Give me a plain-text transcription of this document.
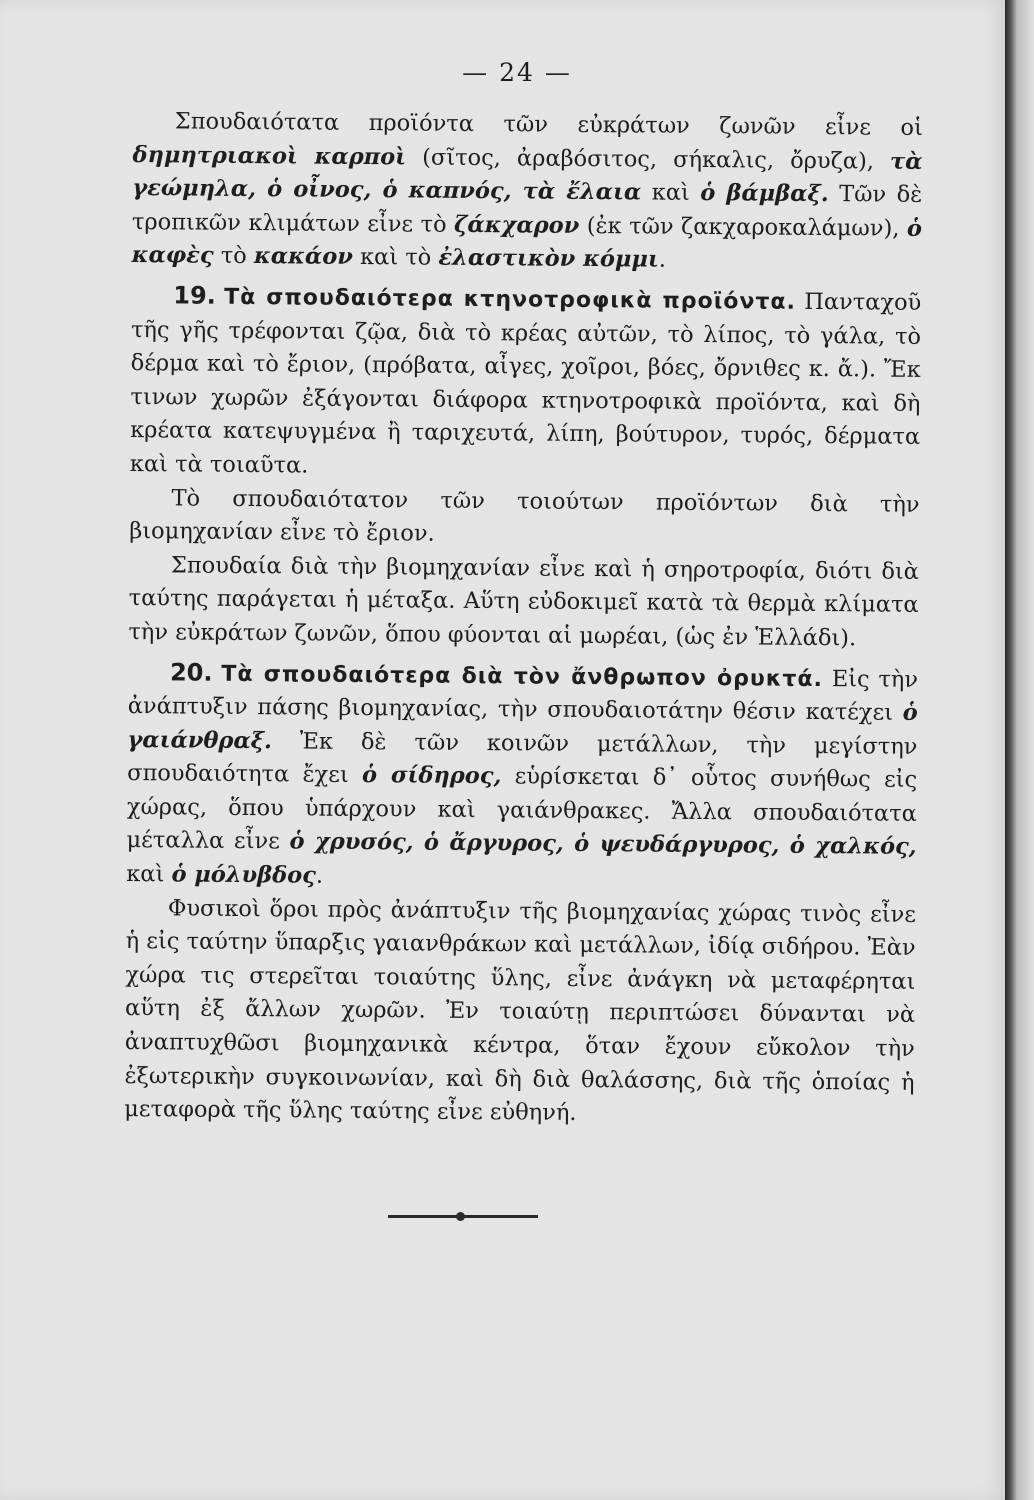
— 24 —

Σπουδαιότατα προϊόντα τῶν εὐκράτων ζωνῶν εἶνε οἱ δημητριακοὶ καρποὶ (σῖτος, ἀραβόσιτος, σήκαλις, ὄρυζα), τὰ γεώμηλα, ὁ οἶνος, ὁ καπνός, τὰ ἔλαια καὶ ὁ βάμβαξ. Τῶν δὲ τροπικῶν κλιμάτων εἶνε τὸ ζάκχαρον (ἐκ τῶν ζακχαροκαλάμων), ὁ καφὲς τὸ κακάον καὶ τὸ ἐλαστικὸν κόμμι.

19. Τὰ σπουδαιότερα κτηνοτροφικὰ προϊόντα. Πανταχοῦ τῆς γῆς τρέφονται ζῷα, διὰ τὸ κρέας αὐτῶν, τὸ λίπος, τὸ γάλα, τὸ δέρμα καὶ τὸ ἔριον, (πρόβατα, αἶγες, χοῖροι, βόες, ὄρνιθες κ. ἄ.). Ἔκ τινων χωρῶν ἐξάγονται διάφορα κτηνοτροφικὰ προϊόντα, καὶ δὴ κρέατα κατεψυγμένα ἢ ταριχευτά, λίπη, βούτυρον, τυρός, δέρματα καὶ τὰ τοιαῦτα.

Τὸ σπουδαιότατον τῶν τοιούτων προϊόντων διὰ τὴν βιομηχανίαν εἶνε τὸ ἔριον.

Σπουδαία διὰ τὴν βιομηχανίαν εἶνε καὶ ἡ σηροτροφία, διότι διὰ ταύτης παράγεται ἡ μέταξα. Αὕτη εὐδοκιμεῖ κατὰ τὰ θερμὰ κλίματα τὴν εὐκράτων ζωνῶν, ὅπου φύονται αἱ μωρέαι, (ὡς ἐν Ἑλλάδι).

20. Τὰ σπουδαιότερα διὰ τὸν ἄνθρωπον ὀρυκτά. Εἰς τὴν ἀνάπτυξιν πάσης βιομηχανίας, τὴν σπουδαιοτάτην θέσιν κατέχει ὁ γαιάνθραξ. Ἐκ δὲ τῶν κοινῶν μετάλλων, τὴν μεγίστην σπουδαιότητα ἔχει ὁ σίδηρος, εὑρίσκεται δ᾽ οὗτος συνήθως εἰς χώρας, ὅπου ὑπάρχουν καὶ γαιάνθρακες. Ἄλλα σπουδαιότατα μέταλλα εἶνε ὁ χρυσός, ὁ ἄργυρος, ὁ ψευδάργυρος, ὁ χαλκός, καὶ ὁ μόλυβδος.

Φυσικοὶ ὅροι πρὸς ἀνάπτυξιν τῆς βιομηχανίας χώρας τινὸς εἶνε ἡ εἰς ταύτην ὕπαρξις γαιανθράκων καὶ μετάλλων, ἰδίᾳ σιδήρου. Ἐὰν χώρα τις στερεῖται τοιαύτης ὕλης, εἶνε ἀνάγκη νὰ μεταφέρηται αὕτη ἐξ ἄλλων χωρῶν. Ἐν τοιαύτῃ περιπτώσει δύνανται νὰ ἀναπτυχθῶσι βιομηχανικὰ κέντρα, ὅταν ἔχουν εὔκολον τὴν ἐξωτερικὴν συγκοινωνίαν, καὶ δὴ διὰ θαλάσσης, διὰ τῆς ὁποίας ἡ μεταφορὰ τῆς ὕλης ταύτης εἶνε εὐθηνή.
